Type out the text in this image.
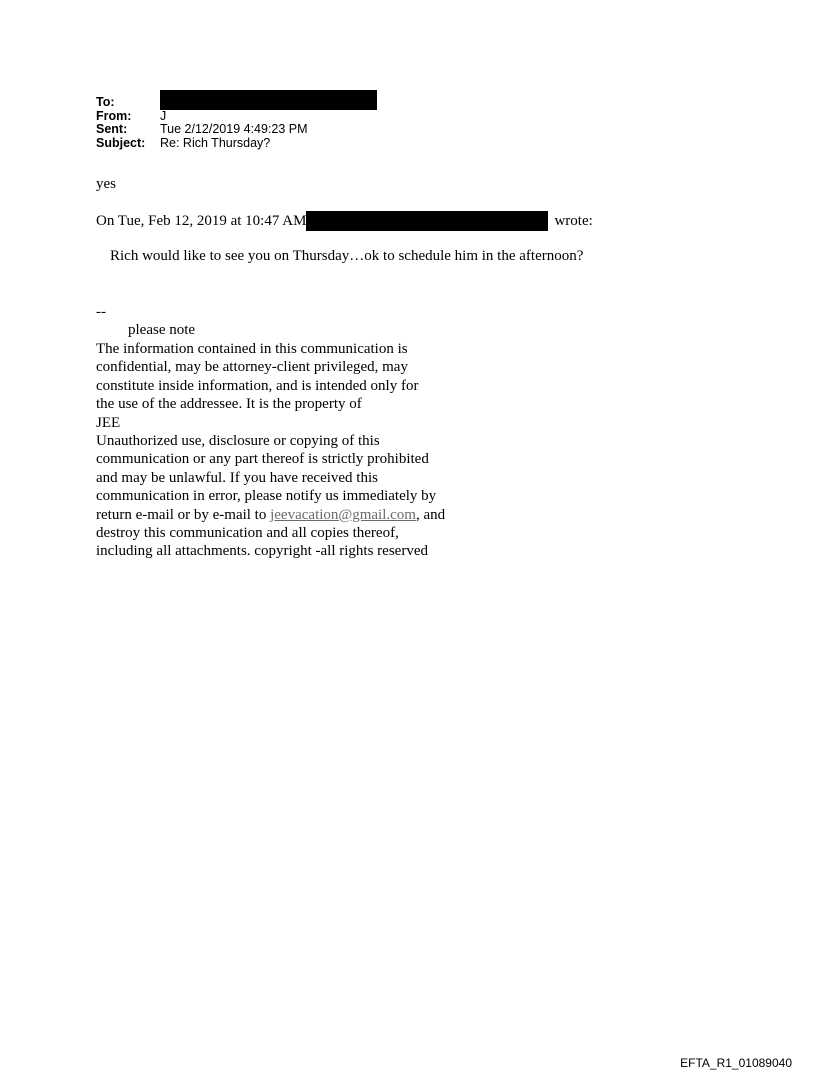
To:
From:	J
Sent:	Tue 2/12/2019 4:49:23 PM
Subject:	Re: Rich Thursday?
yes
On Tue, Feb 12, 2019 at 10:47 AM	wrote:
Rich would like to see you on Thursday…ok to schedule him in the afternoon?
--
please note
The information contained in this communication is
confidential, may be attorney-client privileged, may
constitute inside information, and is intended only for
the use of the addressee. It is the property of
JEE
Unauthorized use, disclosure or copying of this
communication or any part thereof is strictly prohibited
and may be unlawful. If you have received this
communication in error, please notify us immediately by
return e-mail or by e-mail to jeevacation@gmail.com, and
destroy this communication and all copies thereof,
including all attachments. copyright -all rights reserved
EFTA_R1_01089040
